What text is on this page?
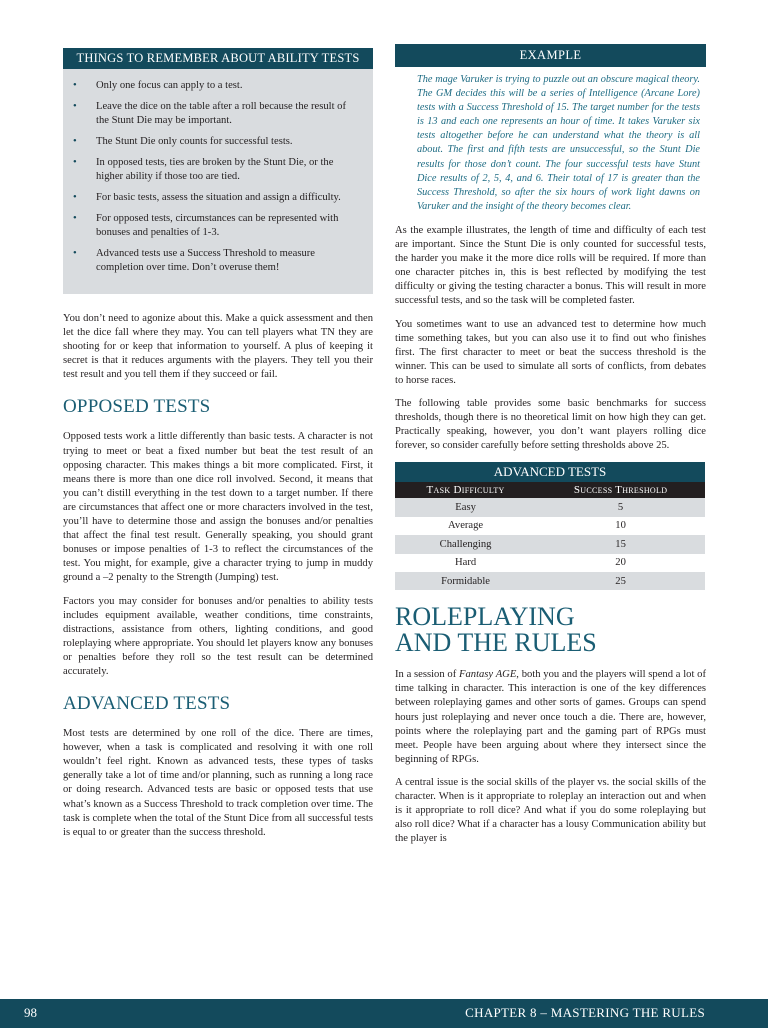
THINGS TO REMEMBER ABOUT ABILITY TESTS
• Only one focus can apply to a test.
• Leave the dice on the table after a roll because the result of the Stunt Die may be important.
• The Stunt Die only counts for successful tests.
• In opposed tests, ties are broken by the Stunt Die, or the higher ability if those too are tied.
• For basic tests, assess the situation and assign a difficulty.
• For opposed tests, circumstances can be represented with bonuses and penalties of 1-3.
• Advanced tests use a Success Threshold to measure completion over time. Don’t overuse them!

You don’t need to agonize about this. Make a quick assessment and then let the dice fall where they may. You can tell players what TN they are shooting for or keep that information to yourself. A plus of keeping it secret is that it reduces arguments with the players. They tell you their test result and you tell them if they succeed or fail.

OPPOSED TESTS

Opposed tests work a little differently than basic tests. A character is not trying to meet or beat a fixed number but beat the test result of an opposing character. This makes things a bit more complicated. First, it means there is more than one dice roll involved. Second, it means that you can’t distill everything in the test down to a target number. If there are circumstances that affect one or more characters involved in the test, you’ll have to determine those and assign the bonuses and/or penalties that affect the final test result. Generally speaking, you should grant bonuses or impose penalties of 1-3 to reflect the circumstances of the test. You might, for example, give a character trying to jump in muddy ground a –2 penalty to the Strength (Jumping) test.

Factors you may consider for bonuses and/or penalties to ability tests includes equipment available, weather conditions, time constraints, distractions, assistance from others, lighting conditions, and good roleplaying where appropriate. You should let players know any bonuses or penalties before they roll so the test result can be determined accurately.

ADVANCED TESTS

Most tests are determined by one roll of the dice. There are times, however, when a task is complicated and resolving it with one roll wouldn’t feel right. Known as advanced tests, these types of tasks generally take a lot of time and/or planning, such as running a long race or doing research. Advanced tests are basic or opposed tests that use what’s known as a Success Threshold to track completion over time. The task is complete when the total of the Stunt Dice from all successful tests is equal to or greater than the success threshold.

EXAMPLE

The mage Varuker is trying to puzzle out an obscure magical theory. The GM decides this will be a series of Intelligence (Arcane Lore) tests with a Success Threshold of 15. The target number for the tests is 13 and each one represents an hour of time. It takes Varuker six tests altogether before he can understand what the theory is all about. The first and fifth tests are unsuccessful, so the Stunt Die results for those don’t count. The four successful tests have Stunt Dice results of 2, 5, 4, and 6. Their total of 17 is greater than the Success Threshold, so after the six hours of work light dawns on Varuker and the insight of the theory becomes clear.

As the example illustrates, the length of time and difficulty of each test are important. Since the Stunt Die is only counted for successful tests, the harder you make it the more dice rolls will be required. If more than one character pitches in, this is best reflected by modifying the test difficulty or giving the testing character a bonus. This will result in more successful tests, and so the task will be completed faster.

You sometimes want to use an advanced test to determine how much time something takes, but you can also use it to find out who finishes first. The first character to meet or beat the success threshold is the winner. This can be used to simulate all sorts of conflicts, from debates to horse races.

The following table provides some basic benchmarks for success thresholds, though there is no theoretical limit on how high they can get. Practically speaking, however, you don’t want players rolling dice forever, so consider carefully before setting thresholds above 25.

ADVANCED TESTS	
Task Difficulty	Success Threshold
Easy	5
Average	10
Challenging	15
Hard	20
Formidable	25
ROLEPLAYING
AND THE RULES

In a session of Fantasy AGE, both you and the players will spend a lot of time talking in character. This interaction is one of the key differences between roleplaying games and other sorts of games. Groups can spend hours just roleplaying and never once touch a die. There are, however, points where the roleplaying part and the gaming part of RPGs must meet. People have been arguing about where they intersect since the beginning of RPGs.

A central issue is the social skills of the player vs. the social skills of the character. When is it appropriate to roleplay an interaction out and when is it appropriate to roll dice? And what if you do some roleplaying but also roll dice? What if a character has a lousy Communication ability but the player is

98	CHAPTER 8 – MASTERING THE RULES
